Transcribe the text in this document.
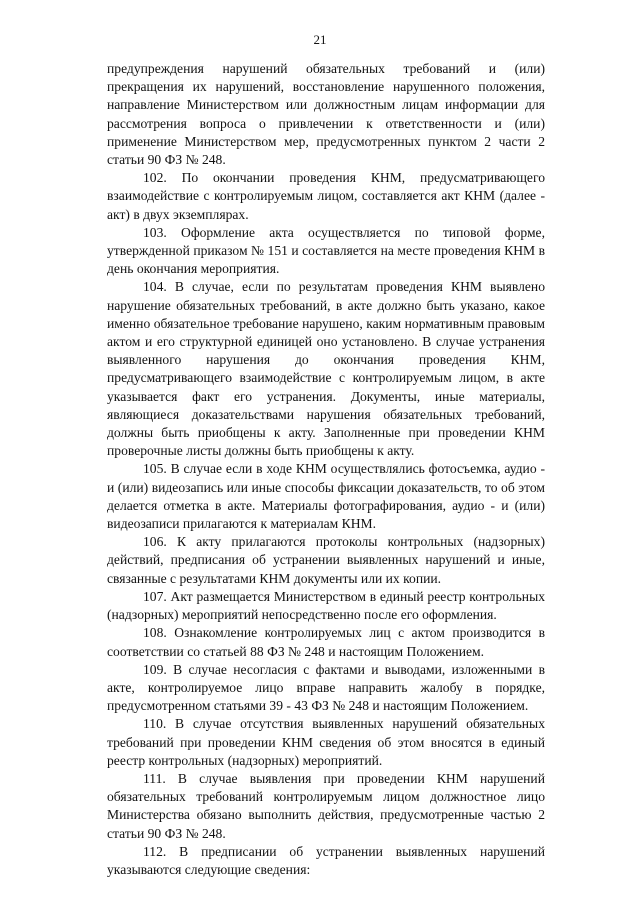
21

предупреждения нарушений обязательных требований и (или) прекращения их нарушений, восстановление нарушенного положения, направление Министерством или должностным лицам информации для рассмотрения вопроса о привлечении к ответственности и (или) применение Министерством мер, предусмотренных пунктом 2 части 2 статьи 90 ФЗ № 248.

102. По окончании проведения КНМ, предусматривающего взаимодействие с контролируемым лицом, составляется акт КНМ (далее - акт) в двух экземплярах.

103. Оформление акта осуществляется по типовой форме, утвержденной приказом № 151 и составляется на месте проведения КНМ в день окончания мероприятия.

104. В случае, если по результатам проведения КНМ выявлено нарушение обязательных требований, в акте должно быть указано, какое именно обязательное требование нарушено, каким нормативным правовым актом и его структурной единицей оно установлено. В случае устранения выявленного нарушения до окончания проведения КНМ, предусматривающего взаимодействие с контролируемым лицом, в акте указывается факт его устранения. Документы, иные материалы, являющиеся доказательствами нарушения обязательных требований, должны быть приобщены к акту. Заполненные при проведении КНМ проверочные листы должны быть приобщены к акту.

105. В случае если в ходе КНМ осуществлялись фотосъемка, аудио - и (или) видеозапись или иные способы фиксации доказательств, то об этом делается отметка в акте. Материалы фотографирования, аудио - и (или) видеозаписи прилагаются к материалам КНМ.

106. К акту прилагаются протоколы контрольных (надзорных) действий, предписания об устранении выявленных нарушений и иные, связанные с результатами КНМ документы или их копии.

107. Акт размещается Министерством в единый реестр контрольных (надзорных) мероприятий непосредственно после его оформления.

108. Ознакомление контролируемых лиц с актом производится в соответствии со статьей 88 ФЗ № 248 и настоящим Положением.

109. В случае несогласия с фактами и выводами, изложенными в акте, контролируемое лицо вправе направить жалобу в порядке, предусмотренном статьями 39 - 43 ФЗ № 248 и настоящим Положением.

110. В случае отсутствия выявленных нарушений обязательных требований при проведении КНМ сведения об этом вносятся в единый реестр контрольных (надзорных) мероприятий.

111. В случае выявления при проведении КНМ нарушений обязательных требований контролируемым лицом должностное лицо Министерства обязано выполнить действия, предусмотренные частью 2 статьи 90 ФЗ № 248.

112. В предписании об устранении выявленных нарушений указываются следующие сведения:
